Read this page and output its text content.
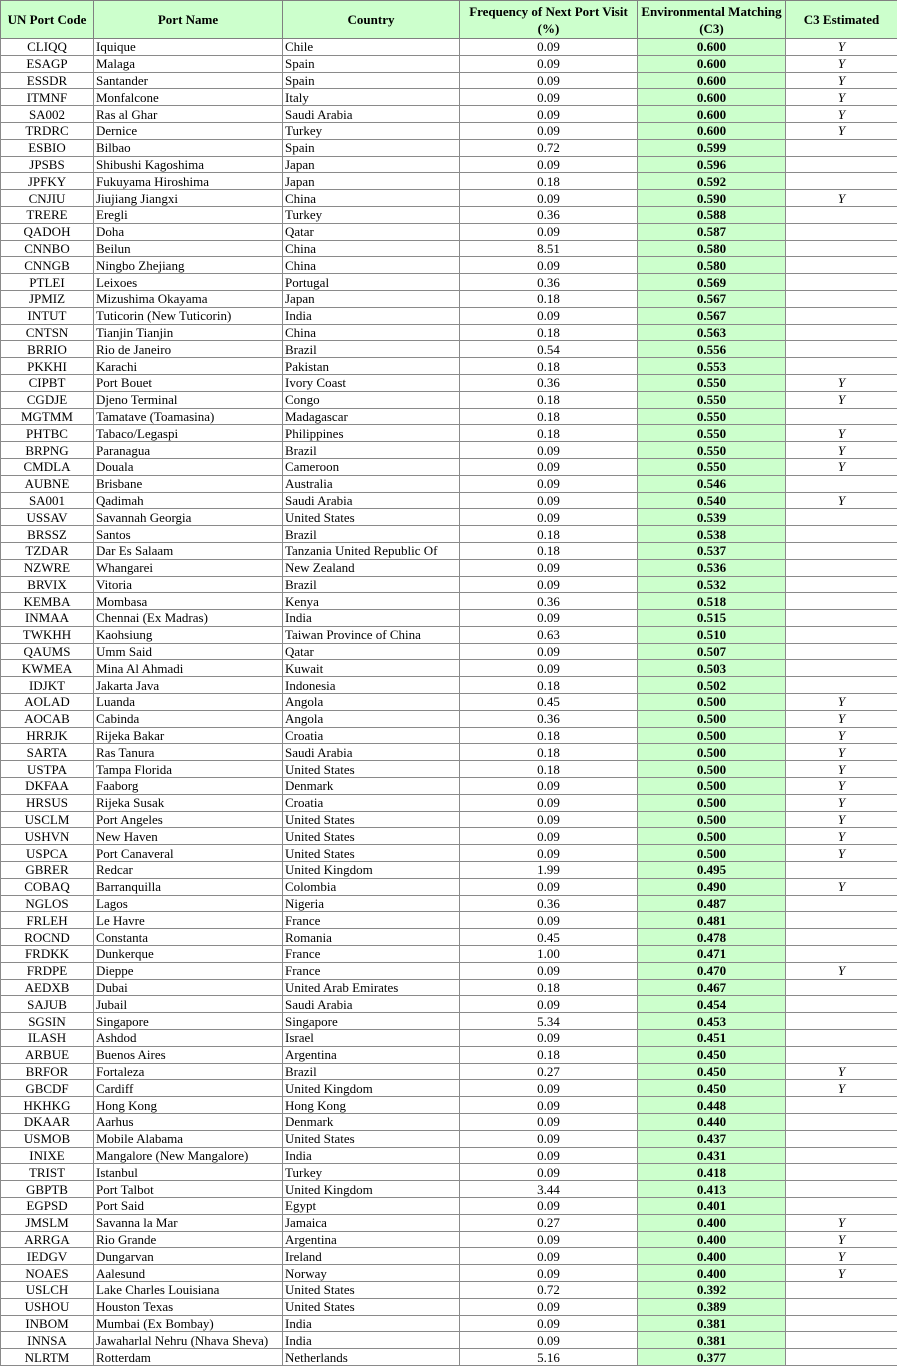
UN Port Code	Port Name	Country	Frequency of Next Port Visit (%)	Environmental Matching (C3)	C3 Estimated
CLIQQ	Iquique	Chile	0.09	0.600	Y
ESAGP	Malaga	Spain	0.09	0.600	Y
ESSDR	Santander	Spain	0.09	0.600	Y
ITMNF	Monfalcone	Italy	0.09	0.600	Y
SA002	Ras al Ghar	Saudi Arabia	0.09	0.600	Y
TRDRC	Dernice	Turkey	0.09	0.600	Y
ESBIO	Bilbao	Spain	0.72	0.599	
JPSBS	Shibushi Kagoshima	Japan	0.09	0.596	
JPFKY	Fukuyama Hiroshima	Japan	0.18	0.592	
CNJIU	Jiujiang Jiangxi	China	0.09	0.590	Y
TRERE	Eregli	Turkey	0.36	0.588	
QADOH	Doha	Qatar	0.09	0.587	
CNNBO	Beilun	China	8.51	0.580	
CNNGB	Ningbo Zhejiang	China	0.09	0.580	
PTLEI	Leixoes	Portugal	0.36	0.569	
JPMIZ	Mizushima Okayama	Japan	0.18	0.567	
INTUT	Tuticorin (New Tuticorin)	India	0.09	0.567	
CNTSN	Tianjin Tianjin	China	0.18	0.563	
BRRIO	Rio de Janeiro	Brazil	0.54	0.556	
PKKHI	Karachi	Pakistan	0.18	0.553	
CIPBT	Port Bouet	Ivory Coast	0.36	0.550	Y
CGDJE	Djeno Terminal	Congo	0.18	0.550	Y
MGTMM	Tamatave (Toamasina)	Madagascar	0.18	0.550	
PHTBC	Tabaco/Legaspi	Philippines	0.18	0.550	Y
BRPNG	Paranagua	Brazil	0.09	0.550	Y
CMDLA	Douala	Cameroon	0.09	0.550	Y
AUBNE	Brisbane	Australia	0.09	0.546	
SA001	Qadimah	Saudi Arabia	0.09	0.540	Y
USSAV	Savannah Georgia	United States	0.09	0.539	
BRSSZ	Santos	Brazil	0.18	0.538	
TZDAR	Dar Es Salaam	Tanzania United Republic Of	0.18	0.537	
NZWRE	Whangarei	New Zealand	0.09	0.536	
BRVIX	Vitoria	Brazil	0.09	0.532	
KEMBA	Mombasa	Kenya	0.36	0.518	
INMAA	Chennai (Ex Madras)	India	0.09	0.515	
TWKHH	Kaohsiung	Taiwan Province of China	0.63	0.510	
QAUMS	Umm Said	Qatar	0.09	0.507	
KWMEA	Mina Al Ahmadi	Kuwait	0.09	0.503	
IDJKT	Jakarta Java	Indonesia	0.18	0.502	
AOLAD	Luanda	Angola	0.45	0.500	Y
AOCAB	Cabinda	Angola	0.36	0.500	Y
HRRJK	Rijeka Bakar	Croatia	0.18	0.500	Y
SARTA	Ras Tanura	Saudi Arabia	0.18	0.500	Y
USTPA	Tampa Florida	United States	0.18	0.500	Y
DKFAA	Faaborg	Denmark	0.09	0.500	Y
HRSUS	Rijeka Susak	Croatia	0.09	0.500	Y
USCLM	Port Angeles	United States	0.09	0.500	Y
USHVN	New Haven	United States	0.09	0.500	Y
USPCA	Port Canaveral	United States	0.09	0.500	Y
GBRER	Redcar	United Kingdom	1.99	0.495	
COBAQ	Barranquilla	Colombia	0.09	0.490	Y
NGLOS	Lagos	Nigeria	0.36	0.487	
FRLEH	Le Havre	France	0.09	0.481	
ROCND	Constanta	Romania	0.45	0.478	
FRDKK	Dunkerque	France	1.00	0.471	
FRDPE	Dieppe	France	0.09	0.470	Y
AEDXB	Dubai	United Arab Emirates	0.18	0.467	
SAJUB	Jubail	Saudi Arabia	0.09	0.454	
SGSIN	Singapore	Singapore	5.34	0.453	
ILASH	Ashdod	Israel	0.09	0.451	
ARBUE	Buenos Aires	Argentina	0.18	0.450	
BRFOR	Fortaleza	Brazil	0.27	0.450	Y
GBCDF	Cardiff	United Kingdom	0.09	0.450	Y
HKHKG	Hong Kong	Hong Kong	0.09	0.448	
DKAAR	Aarhus	Denmark	0.09	0.440	
USMOB	Mobile Alabama	United States	0.09	0.437	
INIXE	Mangalore (New Mangalore)	India	0.09	0.431	
TRIST	Istanbul	Turkey	0.09	0.418	
GBPTB	Port Talbot	United Kingdom	3.44	0.413	
EGPSD	Port Said	Egypt	0.09	0.401	
JMSLM	Savanna la Mar	Jamaica	0.27	0.400	Y
ARRGA	Rio Grande	Argentina	0.09	0.400	Y
IEDGV	Dungarvan	Ireland	0.09	0.400	Y
NOAES	Aalesund	Norway	0.09	0.400	Y
USLCH	Lake Charles Louisiana	United States	0.72	0.392	
USHOU	Houston Texas	United States	0.09	0.389	
INBOM	Mumbai (Ex Bombay)	India	0.09	0.381	
INNSA	Jawaharlal Nehru (Nhava Sheva)	India	0.09	0.381	
NLRTM	Rotterdam	Netherlands	5.16	0.377	
